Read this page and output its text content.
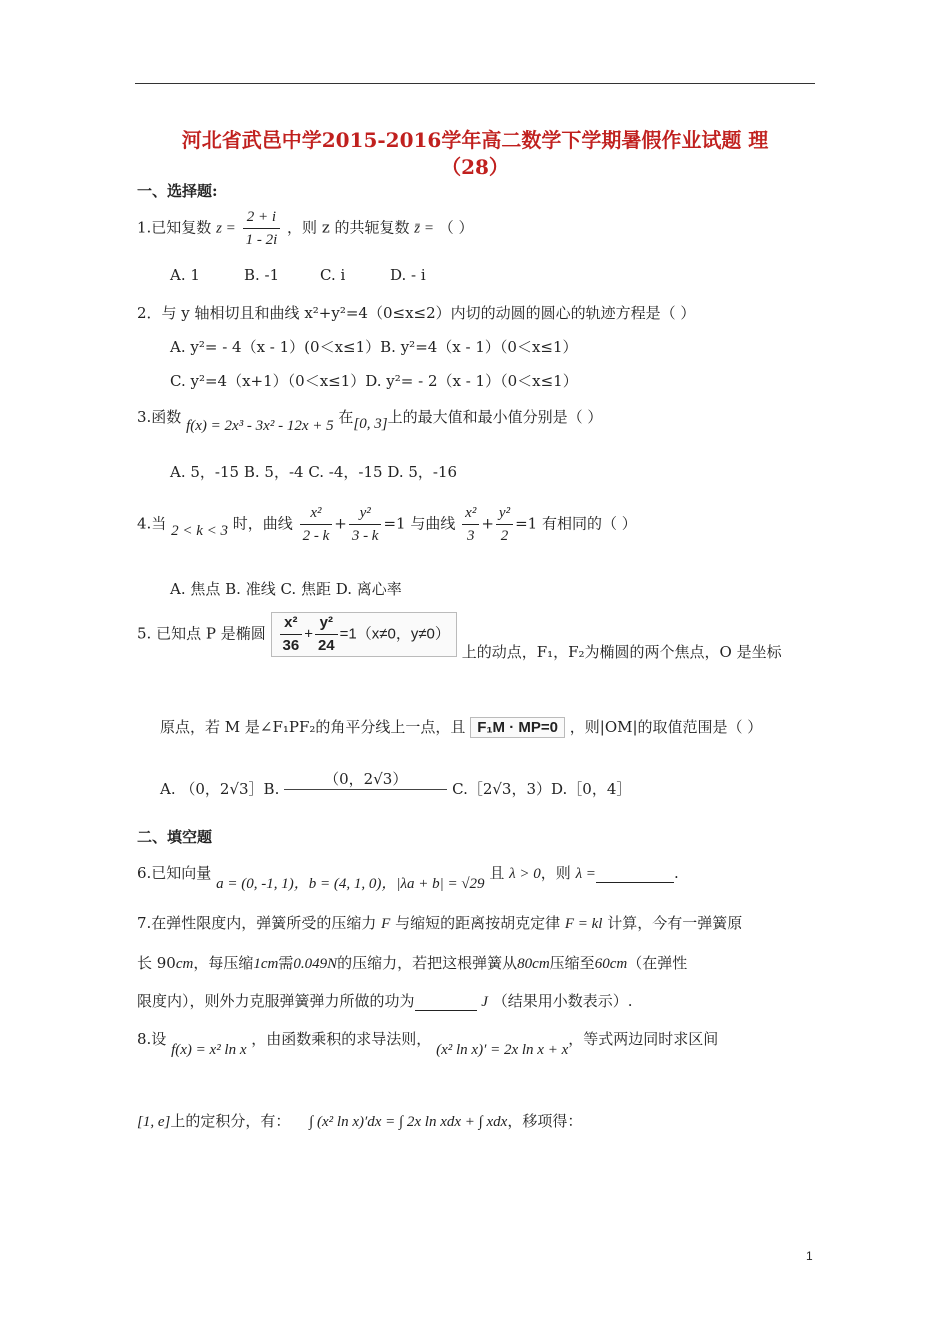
河北省武邑中学2015-2016学年高二数学下学期暑假作业试题 理
（28）
一、选择题:
1.已知复数 $z = \frac{2 + i}{1 - 2i}$ ，则 z 的共轭复数 z̄ = （ ）
A. 1	B. -1	C. i	D. - i
2．与 y 轴相切且和曲线 x²+y²=4（0≤x≤2）内切的动圆的圆心的轨迹方程是（ ）
A. y²= - 4（x - 1）(0＜x≤1）B. y²=4（x - 1）（0＜x≤1）
C. y²=4（x+1）（0＜x≤1）D. y²= - 2（x - 1）（0＜x≤1）
3.函数 f(x) = 2x³ - 3x² - 12x + 5 在[0, 3]上的最大值和最小值分别是（ ）
A. 5，-15 B. 5，-4 C. -4，-15 D. 5，-16
4.当 2 < k < 3 时，曲线 $\frac{\text{x²}}{2 - k} + \frac{\text{y²}}{3 - k} =1$ 与曲线 $\frac{\text{x²}}{3} + \frac{\text{y²}}{2} =1$ 有相同的（ ）
A. 焦点 B. 准线 C. 焦距 D. 离心率
5. 已知点 P 是椭圆 $\frac{\text{x²}}{36} + \frac{\text{y²}}{24} =1(x\ne 0$，y≠0） 上的动点，F₁，F₂为椭圆的两个焦点，O 是坐标
原点，若 M 是∠F₁PF₂的角平分线上一点，且 F₁M · MP=0 ，则|OM|的取值范围是（ ）
A. （0，2√3］B. （0，2√3） C.［2√3，3）D.［0，4］
二、填空题
6.已知向量 a = (0, -1, 1)，b = (4, 1, 0)，|λa + b| = √29 且 λ > 0，则 λ =	.
7.在弹性限度内，弹簧所受的压缩力 F 与缩短的距离按胡克定律 F = kl 计算，今有一弹簧原
长 90cm，每压缩1cm需0.049N的压缩力，若把这根弹簧从80cm压缩至60cm（在弹性
限度内），则外力克服弹簧弹力所做的功为	J （结果用小数表示）.
8.设 f(x) = x² ln x ，由函数乘积的求导法则， (x² ln x)′ = 2x ln x + x，等式两边同时求区间
[1, e]上的定积分，有： ∫ (x² ln x)′dx = ∫ 2x ln xdx + ∫ xdx，移项得：
1
